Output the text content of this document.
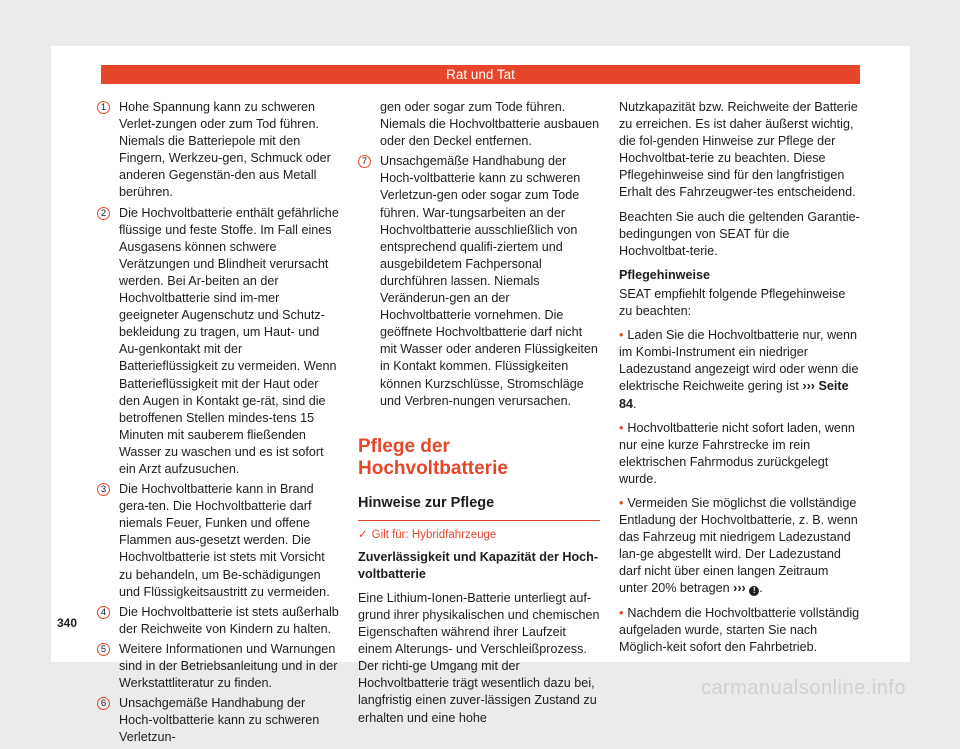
Rat und Tat
1	Hohe Spannung kann zu schweren Verlet-zungen oder zum Tod führen. Niemals die Batteriepole mit den Fingern, Werkzeu-gen, Schmuck oder anderen Gegenstän-den aus Metall berühren.
2	Die Hochvoltbatterie enthält gefährliche flüssige und feste Stoffe. Im Fall eines Ausgasens können schwere Verätzungen und Blindheit verursacht werden. Bei Ar-beiten an der Hochvoltbatterie sind im-mer geeigneter Augenschutz und Schutz-bekleidung zu tragen, um Haut- und Au-genkontakt mit der Batterieflüssigkeit zu vermeiden. Wenn Batterieflüssigkeit mit der Haut oder den Augen in Kontakt ge-rät, sind die betroffenen Stellen mindes-tens 15 Minuten mit sauberem fließenden Wasser zu waschen und es ist sofort ein Arzt aufzusuchen.
3	Die Hochvoltbatterie kann in Brand gera-ten. Die Hochvoltbatterie darf niemals Feuer, Funken und offene Flammen aus-gesetzt werden. Die Hochvoltbatterie ist stets mit Vorsicht zu behandeln, um Be-schädigungen und Flüssigkeitsaustritt zu vermeiden.
4	Die Hochvoltbatterie ist stets außerhalb der Reichweite von Kindern zu halten.
5	Weitere Informationen und Warnungen sind in der Betriebsanleitung und in der Werkstattliteratur zu finden.
6	Unsachgemäße Handhabung der Hoch-voltbatterie kann zu schweren Verletzun-
gen oder sogar zum Tode führen. Niemals die Hochvoltbatterie ausbauen oder den Deckel entfernen.
7	Unsachgemäße Handhabung der Hoch-voltbatterie kann zu schweren Verletzun-gen oder sogar zum Tode führen. War-tungsarbeiten an der Hochvoltbatterie ausschließlich von entsprechend qualifi-ziertem und ausgebildetem Fachpersonal durchführen lassen. Niemals Veränderun-gen an der Hochvoltbatterie vornehmen. Die geöffnete Hochvoltbatterie darf nicht mit Wasser oder anderen Flüssigkeiten in Kontakt kommen. Flüssigkeiten können Kurzschlüsse, Stromschläge und Verbren-nungen verursachen.
Pflege der Hochvoltbatterie
Hinweise zur Pflege
✓ Gilt für: Hybridfahrzeuge

Zuverlässigkeit und Kapazität der Hoch-voltbatterie

Eine Lithium-Ionen-Batterie unterliegt auf-grund ihrer physikalischen und chemischen Eigenschaften während ihrer Laufzeit einem Alterungs- und Verschleißprozess. Der richti-ge Umgang mit der Hochvoltbatterie trägt wesentlich dazu bei, langfristig einen zuver-lässigen Zustand zu erhalten und eine hohe

Nutzkapazität bzw. Reichweite der Batterie zu erreichen. Es ist daher äußerst wichtig, die fol-genden Hinweise zur Pflege der Hochvoltbat-terie zu beachten. Diese Pflegehinweise sind für den langfristigen Erhalt des Fahrzeugwer-tes entscheidend.

Beachten Sie auch die geltenden Garantie-bedingungen von SEAT für die Hochvoltbat-terie.

Pflegehinweise

SEAT empfiehlt folgende Pflegehinweise zu beachten:

• Laden Sie die Hochvoltbatterie nur, wenn im Kombi-Instrument ein niedriger Ladezustand angezeigt wird oder wenn die elektrische Reichweite gering ist ››› Seite 84.
• Hochvoltbatterie nicht sofort laden, wenn nur eine kurze Fahrstrecke im rein elektrischen Fahrmodus zurückgelegt wurde.
• Vermeiden Sie möglichst die vollständige Entladung der Hochvoltbatterie, z. B. wenn das Fahrzeug mit niedrigem Ladezustand lan-ge abgestellt wird. Der Ladezustand darf nicht über einen langen Zeitraum unter 20% betragen ››› ! .
• Nachdem die Hochvoltbatterie vollständig aufgeladen wurde, starten Sie nach Möglich-keit sofort den Fahrbetrieb.
340
carmanualsonline.info
